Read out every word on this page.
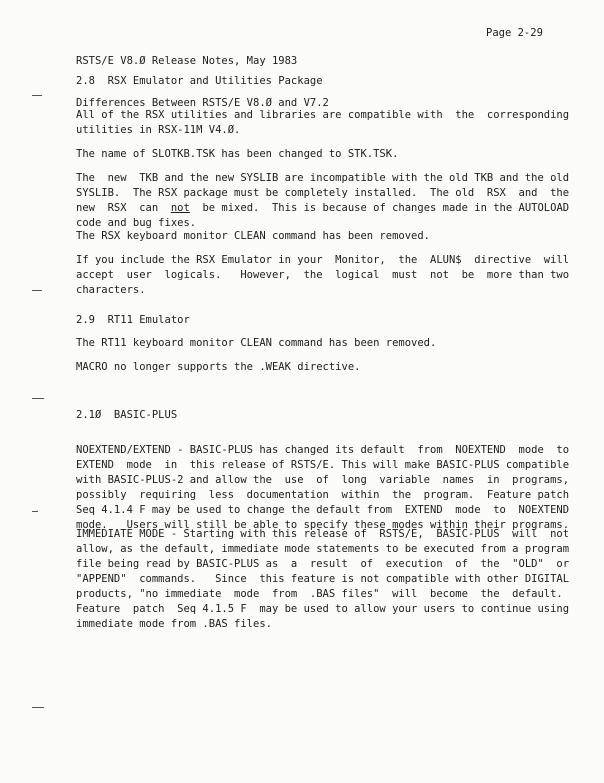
RSTS/E V8.Ø Release Notes, May 1983

Differences Between RSTS/E V8.Ø and V7.2

Page 2-29
2.8  RSX Emulator and Utilities Package
All of the RSX utilities and libraries are compatible with  the  corresponding
utilities in RSX-11M V4.Ø.
The name of SLOTKB.TSK has been changed to STK.TSK.
The  new  TKB and the new SYSLIB are incompatible with the old TKB and the old
SYSLIB.  The RSX package must be completely installed.  The old  RSX  and  the
new  RSX  can  not  be mixed.  This is because of changes made in the AUTOLOAD
code and bug fixes.
The RSX keyboard monitor CLEAN command has been removed.
If you include the RSX Emulator in your  Monitor,  the  ALUN$  directive  will
accept  user  logicals.   However,  the  logical  must  not  be  more than two
characters.
2.9  RT11 Emulator
The RT11 keyboard monitor CLEAN command has been removed.
MACRO no longer supports the .WEAK directive.
2.1Ø  BASIC-PLUS
NOEXTEND/EXTEND - BASIC-PLUS has changed its default  from  NOEXTEND  mode  to
EXTEND  mode  in  this release of RSTS/E. This will make BASIC-PLUS compatible
with BASIC-PLUS-2 and allow the  use  of  long  variable  names  in  programs,
possibly  requiring  less  documentation  within  the  program.  Feature patch
Seq 4.1.4 F may be used to change the default from  EXTEND  mode  to  NOEXTEND
mode.   Users will still be able to specify these modes within their programs.
IMMEDIATE MODE - Starting with this release of  RSTS/E,  BASIC-PLUS  will  not
allow, as the default, immediate mode statements to be executed from a program
file being read by BASIC-PLUS as  a  result  of  execution  of  the  "OLD"  or
"APPEND"  commands.   Since  this feature is not compatible with other DIGITAL
products, "no immediate  mode  from  .BAS files"  will  become  the  default.
Feature  patch  Seq 4.1.5 F  may be used to allow your users to continue using
immediate mode from .BAS files.
